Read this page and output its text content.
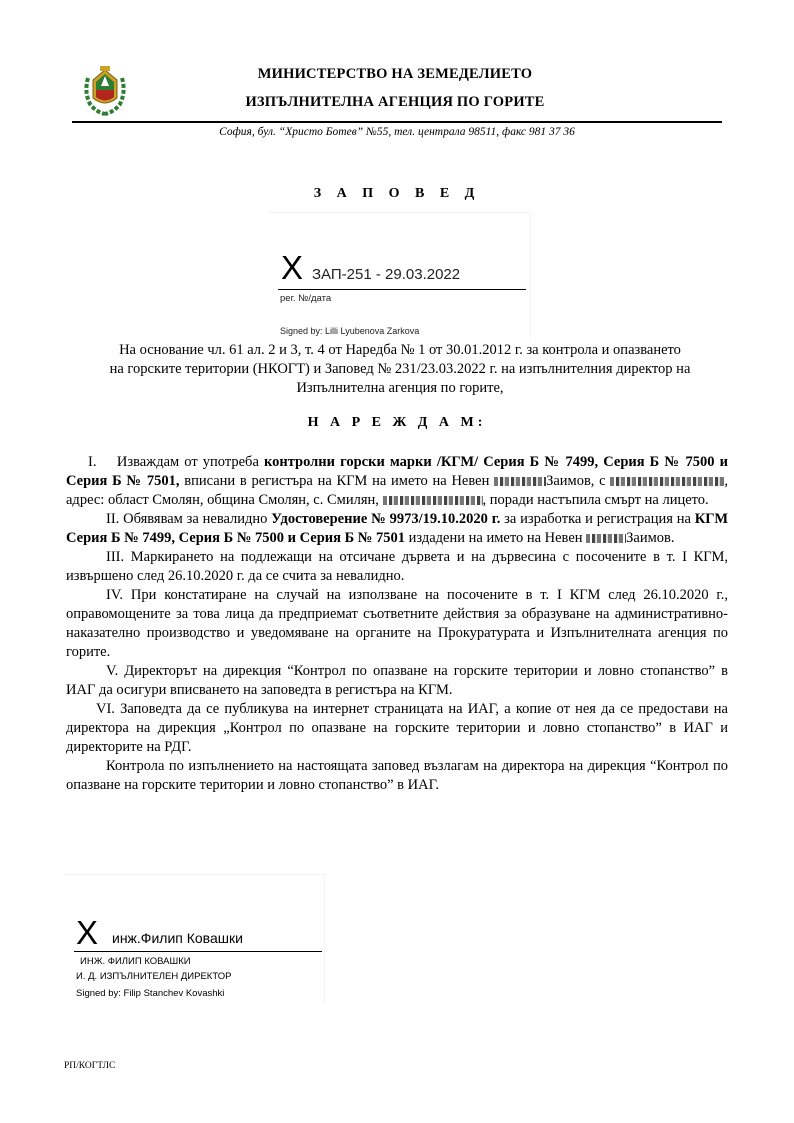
МИНИСТЕРСТВО НА ЗЕМЕДЕЛИЕТО
ИЗПЪЛНИТЕЛНА АГЕНЦИЯ ПО ГОРИТЕ
София, бул. “Христо Ботев” №55, тел. централа 98511, факс 981 37 36
З А П О В Е Д
X ЗАП-251 - 29.03.2022
рег. №/дата
Signed by: Lilli Lyubenova Zarkova

На основание чл. 61 ал. 2 и 3, т. 4 от Наредба № 1 от 30.01.2012 г. за контрола и опазването

на горските територии (НКОГТ) и Заповед № 231/23.03.2022 г. на изпълнителния директор на

Изпълнителна агенция по горите,

Н А Р Е Ж Д А М:

I. Изваждам от употреба контролни горски марки /КГМ/ Серия Б № 7499, Серия Б № 7500 и Серия Б № 7501, вписани в регистъра на КГМ на името на Невен	Заимов, с	, адрес: област Смолян, община Смолян, с. Смилян,	, поради настъпила смърт на лицето.

II. Обявявам за невалидно Удостоверение № 9973/19.10.2020 г. за изработка и регистрация на КГМ Серия Б № 7499, Серия Б № 7500 и Серия Б № 7501 издадени на името на Невен	Заимов.

III. Маркирането на подлежащи на отсичане дървета и на дървесина с посочените в т. I КГМ, извършено след 26.10.2020 г. да се счита за невалидно.

IV. При констатиране на случай на използване на посочените в т. I КГМ след 26.10.2020 г., оправомощените за това лица да предприемат съответните действия за образуване на административно-наказателно производство и уведомяване на органите на Прокуратурата и Изпълнителната агенция по горите.

V. Директорът на дирекция “Контрол по опазване на горските територии и ловно стопанство” в ИАГ да осигури вписването на заповедта в регистъра на КГМ.

VI. Заповедта да се публикува на интернет страницата на ИАГ, а копие от нея да се предостави на директора на дирекция „Контрол по опазване на горските територии и ловно стопанство” в ИАГ и директорите на РДГ.

Контрола по изпълнението на настоящата заповед възлагам на директора на дирекция “Контрол по опазване на горските територии и ловно стопанство” в ИАГ.

X инж.Филип Ковашки
ИНЖ. ФИЛИП КОВАШКИ
И. Д. ИЗПЪЛНИТЕЛЕН ДИРЕКТОР
Signed by: Filip Stanchev Kovashki
РП/КОГТЛС
